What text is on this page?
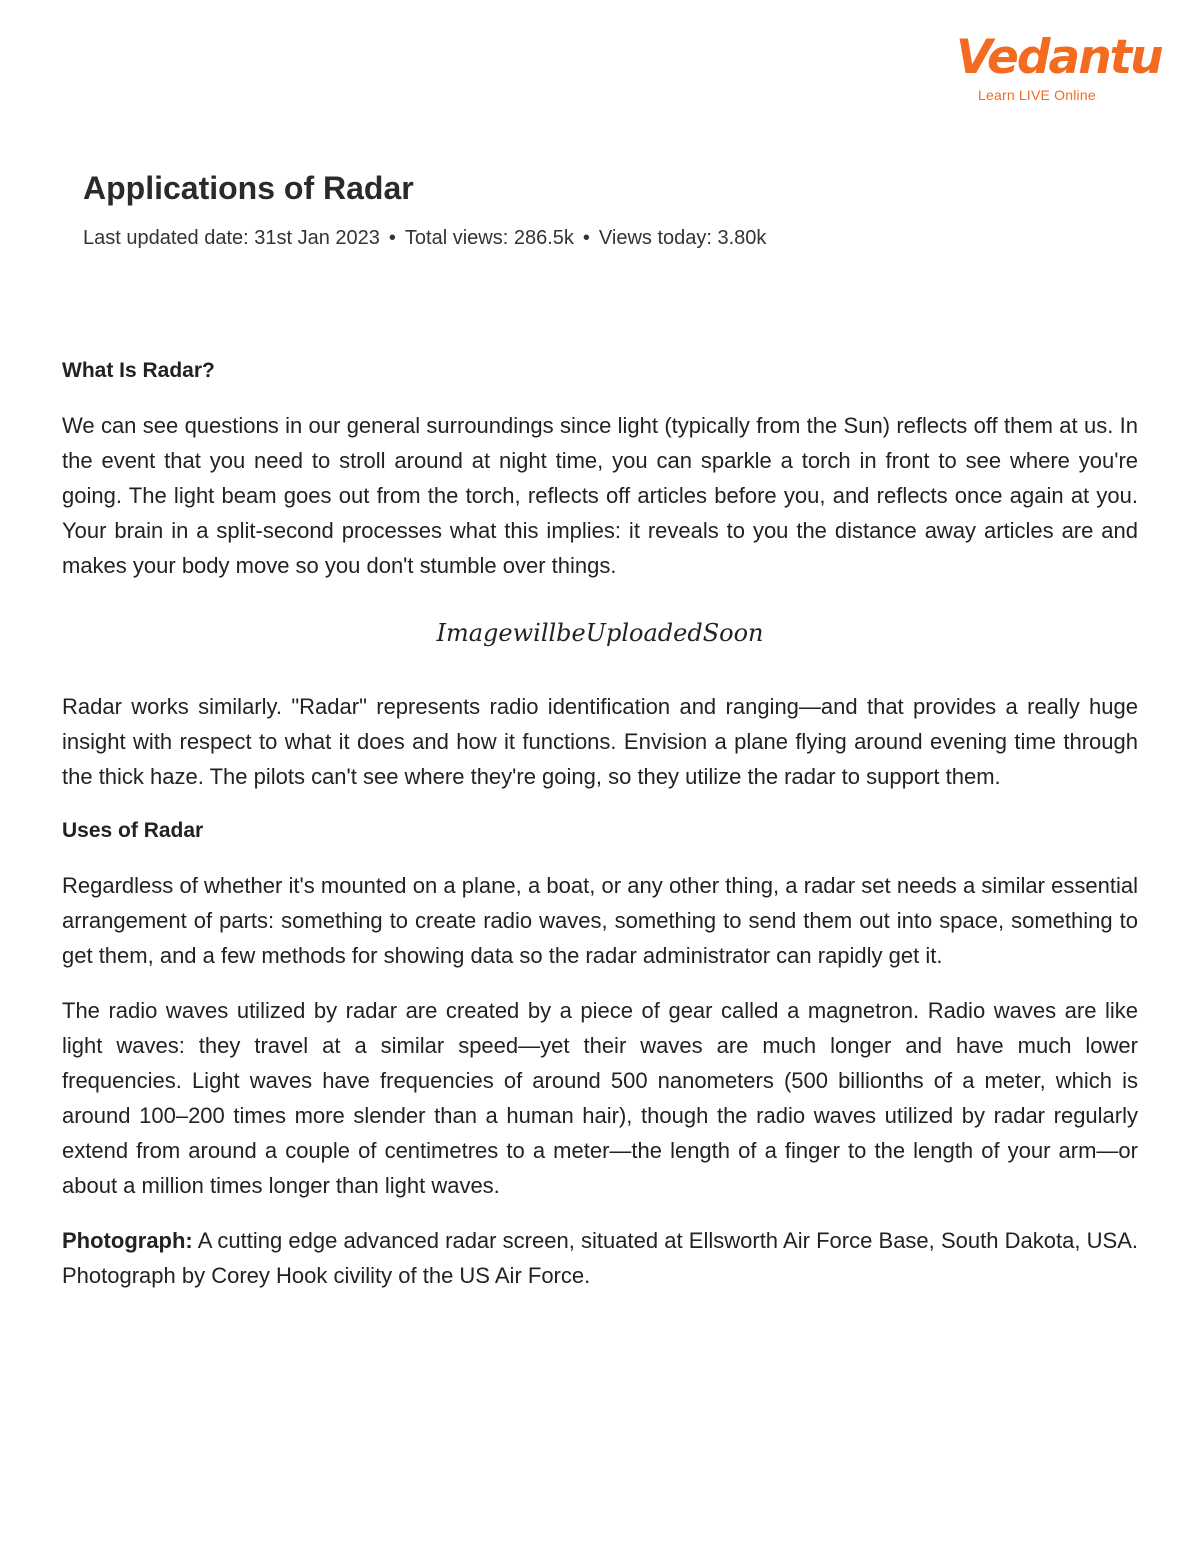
Vedantu
Learn LIVE Online
Applications of Radar
Last updated date: 31st Jan 2023 • Total views: 286.5k • Views today: 3.80k
What Is Radar?

We can see questions in our general surroundings since light (typically from the Sun) reflects off them at us. In the event that you need to stroll around at night time, you can sparkle a torch in front to see where you're going. The light beam goes out from the torch, reflects off articles before you, and reflects once again at you. Your brain in a split-second processes what this implies: it reveals to you the distance away articles are and makes your body move so you don't stumble over things.

ImagewillbeUploadedSoon

Radar works similarly. "Radar" represents radio identification and ranging—and that provides a really huge insight with respect to what it does and how it functions. Envision a plane flying around evening time through the thick haze. The pilots can't see where they're going, so they utilize the radar to support them.

Uses of Radar

Regardless of whether it's mounted on a plane, a boat, or any other thing, a radar set needs a similar essential arrangement of parts: something to create radio waves, something to send them out into space, something to get them, and a few methods for showing data so the radar administrator can rapidly get it.

The radio waves utilized by radar are created by a piece of gear called a magnetron. Radio waves are like light waves: they travel at a similar speed—yet their waves are much longer and have much lower frequencies. Light waves have frequencies of around 500 nanometers (500 billionths of a meter, which is around 100–200 times more slender than a human hair), though the radio waves utilized by radar regularly extend from around a couple of centimetres to a meter—the length of a finger to the length of your arm—or about a million times longer than light waves.

Photograph: A cutting edge advanced radar screen, situated at Ellsworth Air Force Base, South Dakota, USA. Photograph by Corey Hook civility of the US Air Force.
